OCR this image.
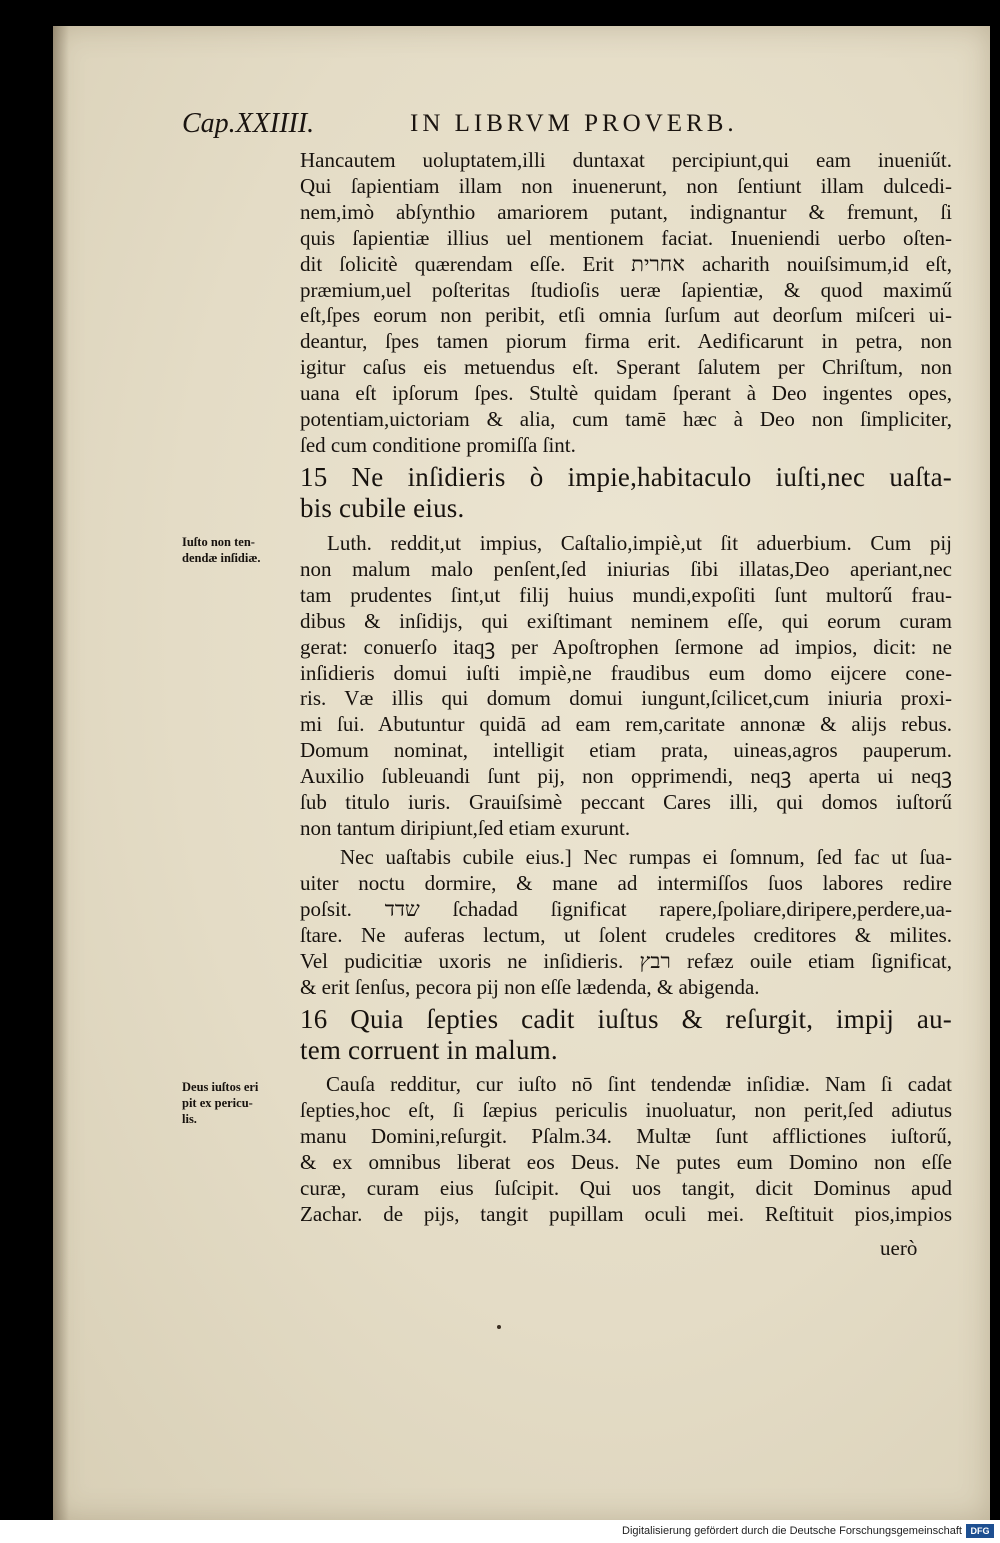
Cap.XXIIII.	IN LIBRVM PROVERB.
Hancautem uoluptatem,illi duntaxat percipiunt,qui eam inueniűt.
Qui ſapientiam illam non inuenerunt, non ſentiunt illam dulcedi‐
nem,imò abſynthio amariorem putant, indignantur & fremunt, ſi
quis ſapientiæ illius uel mentionem faciat. Inueniendi uerbo oſten‐
dit ſolicitè quærendam eſſe. Erit אחרית acharith nouiſsimum,id eſt,
præmium,uel poſteritas ſtudioſis ueræ ſapientiæ, & quod maximű
eſt,ſpes eorum non peribit, etſi omnia ſurſum aut deorſum miſceri ui‐
deantur, ſpes tamen piorum firma erit. Aedificarunt in petra, non
igitur caſus eis metuendus eſt. Sperant ſalutem per Chriſtum, non
uana eſt ipſorum ſpes. Stultè quidam ſperant à Deo ingentes opes,
potentiam,uictoriam & alia, cum tamē hæc à Deo non ſimpliciter,
ſed cum conditione promiſſa ſint.
15 Ne inſidieris ò impie,habitaculo iuſti,nec uaſta‐
bis cubile eius.
Iuſto non ten‐
dendæ inſidiæ.
Luth. reddit,ut impius, Caſtalio,impiè,ut ſit aduerbium. Cum pij
non malum malo penſent,ſed iniurias ſibi illatas,Deo aperiant,nec
tam prudentes ſint,ut filij huius mundi,expoſiti ſunt multorű frau‐
dibus & inſidijs, qui exiſtimant neminem eſſe, qui eorum curam
gerat: conuerſo itaqꝫ per Apoſtrophen ſermone ad impios, dicit: ne
inſidieris domui iuſti impiè,ne fraudibus eum domo eijcere cone‐
ris. Væ illis qui domum domui iungunt,ſcilicet,cum iniuria proxi‐
mi ſui. Abutuntur quidā ad eam rem,caritate annonæ & alijs rebus.
Domum nominat, intelligit etiam prata, uineas,agros pauperum.
Auxilio ſubleuandi ſunt pij, non opprimendi, neqꝫ aperta ui neqꝫ
ſub titulo iuris. Grauiſsimè peccant Cares illi, qui domos iuſtorű
non tantum diripiunt,ſed etiam exurunt.
Nec uaſtabis cubile eius.] Nec rumpas ei ſomnum, ſed fac ut ſua‐
uiter noctu dormire, & mane ad intermiſſos ſuos labores redire
poſsit. שדד ſchadad ſignificat rapere,ſpoliare,diripere,perdere,ua‐
ſtare. Ne auferas lectum, ut ſolent crudeles creditores & milites.
Vel pudicitiæ uxoris ne inſidieris. רבץ refæz ouile etiam ſignificat,
& erit ſenſus, pecora pij non eſſe lædenda, & abigenda.
16 Quia ſepties cadit iuſtus & reſurgit, impij au‐
tem corruent in malum.
Deus iuſtos eri
pit ex pericu‐
lis.
Cauſa redditur, cur iuſto nō ſint tendendæ inſidiæ. Nam ſi cadat
ſepties,hoc eſt, ſi ſæpius periculis inuoluatur, non perit,ſed adiutus
manu Domini,reſurgit. Pſalm.34. Multæ ſunt afflictiones iuſtorű,
& ex omnibus liberat eos Deus. Ne putes eum Domino non eſſe
curæ, curam eius ſuſcipit. Qui uos tangit, dicit Dominus apud
Zachar. de pijs, tangit pupillam oculi mei. Reſtituit pios,impios
uerò
Digitalisierung gefördert durch die Deutsche Forschungsgemeinschaft DFG
